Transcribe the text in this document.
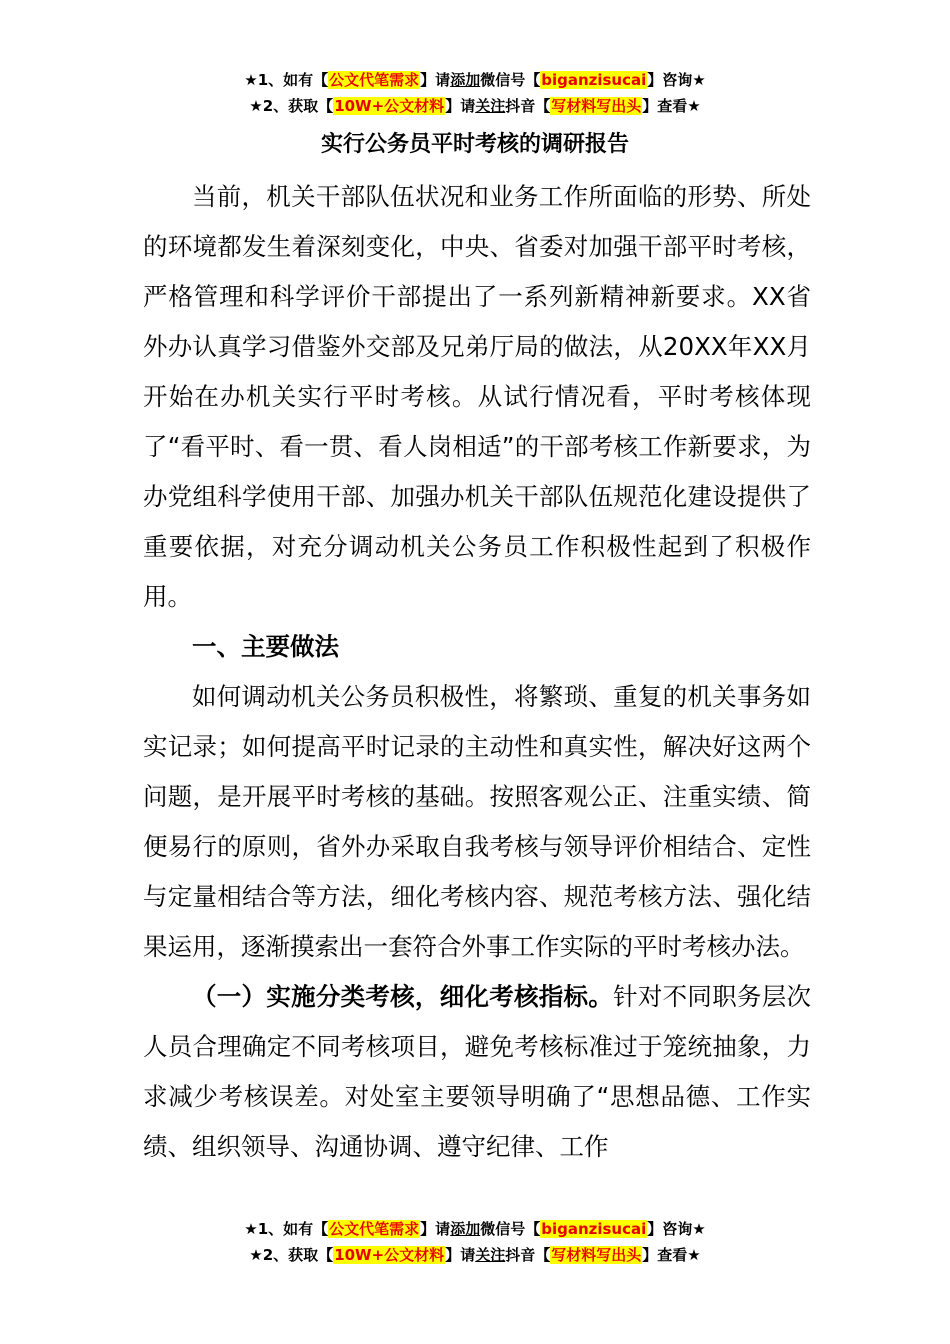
★1、如有【公文代笔需求】请添加微信号【biganzisucai】咨询★
★2、获取【10W+公文材料】请关注抖音【写材料写出头】查看★
实行公务员平时考核的调研报告

当前，机关干部队伍状况和业务工作所面临的形势、所处的环境都发生着深刻变化，中央、省委对加强干部平时考核，严格管理和科学评价干部提出了一系列新精神新要求。XX省外办认真学习借鉴外交部及兄弟厅局的做法，从20XX年XX月开始在办机关实行平时考核。从试行情况看，平时考核体现了“看平时、看一贯、看人岗相适”的干部考核工作新要求，为办党组科学使用干部、加强办机关干部队伍规范化建设提供了重要依据，对充分调动机关公务员工作积极性起到了积极作用。

一、主要做法

如何调动机关公务员积极性，将繁琐、重复的机关事务如实记录；如何提高平时记录的主动性和真实性，解决好这两个问题，是开展平时考核的基础。按照客观公正、注重实绩、简便易行的原则，省外办采取自我考核与领导评价相结合、定性与定量相结合等方法，细化考核内容、规范考核方法、强化结果运用，逐渐摸索出一套符合外事工作实际的平时考核办法。

（一）实施分类考核，细化考核指标。针对不同职务层次人员合理确定不同考核项目，避免考核标准过于笼统抽象，力求减少考核误差。对处室主要领导明确了“思想品德、工作实绩、组织领导、沟通协调、遵守纪律、工作

★1、如有【公文代笔需求】请添加微信号【biganzisucai】咨询★
★2、获取【10W+公文材料】请关注抖音【写材料写出头】查看★
